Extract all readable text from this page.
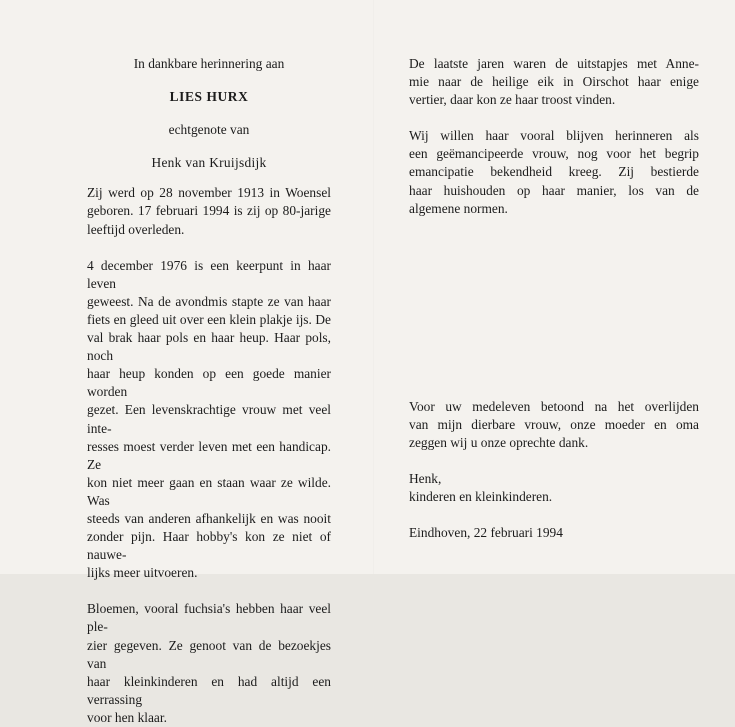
In dankbare herinnering aan

LIES HURX

echtgenote van

Henk van Kruijsdijk

Zij werd op 28 november 1913 in Woensel
geboren. 17 februari 1994 is zij op 80-jarige
leeftijd overleden.
4 december 1976 is een keerpunt in haar leven
geweest. Na de avondmis stapte ze van haar
fiets en gleed uit over een klein plakje ijs. De
val brak haar pols en haar heup. Haar pols, noch
haar heup konden op een goede manier worden
gezet. Een levenskrachtige vrouw met veel inte-
resses moest verder leven met een handicap. Ze
kon niet meer gaan en staan waar ze wilde. Was
steeds van anderen afhankelijk en was nooit
zonder pijn. Haar hobby's kon ze niet of nauwe-
lijks meer uitvoeren.
Bloemen, vooral fuchsia's hebben haar veel ple-
zier gegeven. Ze genoot van de bezoekjes van
haar kleinkinderen en had altijd een verrassing
voor hen klaar.
De laatste jaren waren de uitstapjes met Anne-
mie naar de heilige eik in Oirschot haar enige
vertier, daar kon ze haar troost vinden.
Wij willen haar vooral blijven herinneren als
een geëmancipeerde vrouw, nog voor het begrip
emancipatie bekendheid kreeg. Zij bestierde
haar huishouden op haar manier, los van de
algemene normen.
Voor uw medeleven betoond na het overlijden
van mijn dierbare vrouw, onze moeder en oma
zeggen wij u onze oprechte dank.

Henk,

kinderen en kleinkinderen.

Eindhoven, 22 februari 1994
